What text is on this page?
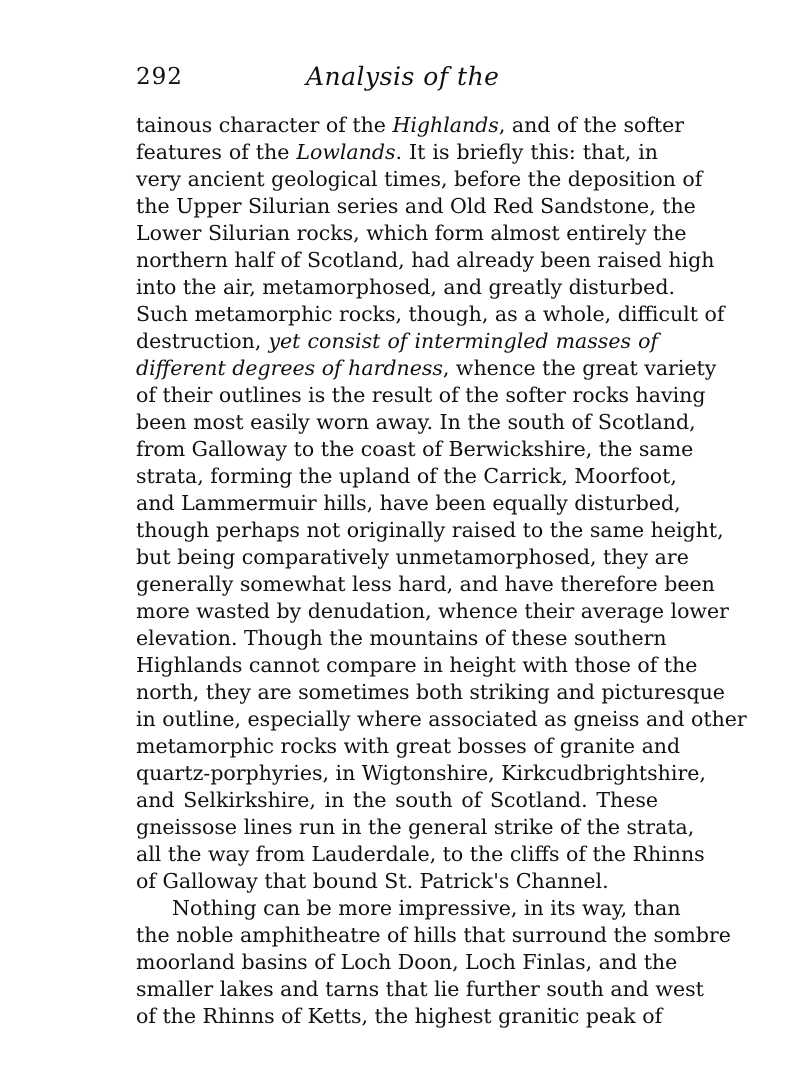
292	Analysis of the
tainous character of the Highlands, and of the softer
features of the Lowlands. It is briefly this: that, in
very ancient geological times, before the deposition of
the Upper Silurian series and Old Red Sandstone, the
Lower Silurian rocks, which form almost entirely the
northern half of Scotland, had already been raised high
into the air, metamorphosed, and greatly disturbed.
Such metamorphic rocks, though, as a whole, difficult of
destruction, yet consist of intermingled masses of
different degrees of hardness, whence the great variety
of their outlines is the result of the softer rocks having
been most easily worn away. In the south of Scotland,
from Galloway to the coast of Berwickshire, the same
strata, forming the upland of the Carrick, Moorfoot,
and Lammermuir hills, have been equally disturbed,
though perhaps not originally raised to the same height,
but being comparatively unmetamorphosed, they are
generally somewhat less hard, and have therefore been
more wasted by denudation, whence their average lower
elevation. Though the mountains of these southern
Highlands cannot compare in height with those of the
north, they are sometimes both striking and picturesque
in outline, especially where associated as gneiss and other
metamorphic rocks with great bosses of granite and
quartz-porphyries, in Wigtonshire, Kirkcudbrightshire,
and Selkirkshire, in the south of Scotland. These
gneissose lines run in the general strike of the strata,
all the way from Lauderdale, to the cliffs of the Rhinns
of Galloway that bound St. Patrick's Channel.
Nothing can be more impressive, in its way, than
the noble amphitheatre of hills that surround the sombre
moorland basins of Loch Doon, Loch Finlas, and the
smaller lakes and tarns that lie further south and west
of the Rhinns of Ketts, the highest granitic peak of
